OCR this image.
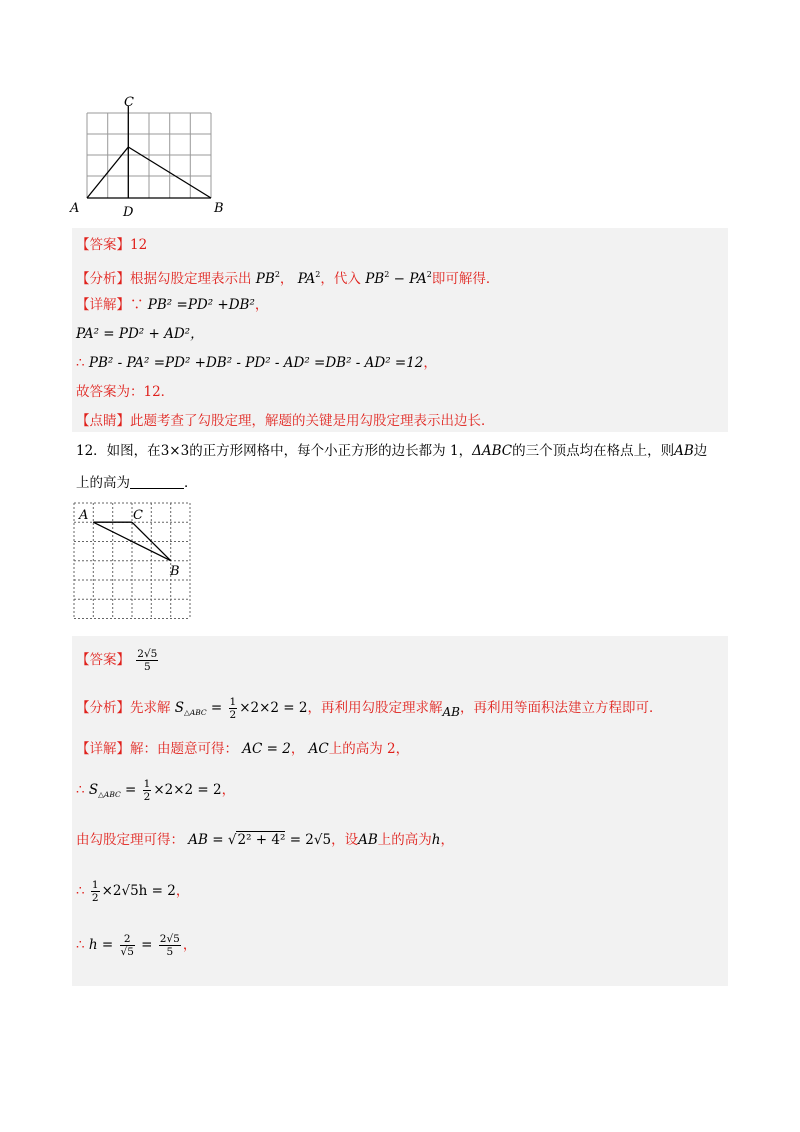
C
A	D	B
【答案】12
【分析】根据勾股定理表示出 $PB^2$， $PA^2$，代入 $PB^2 - PA^2$即可解得．
【详解】∵ PB² =PD² +DB²，
PA² = PD² + AD²，
∴ PB² - PA² =PD² +DB² - PD² - AD² =DB² - AD² =12，
故答案为：12．
【点睛】此题考查了勾股定理，解题的关键是用勾股定理表示出边长．
12．如图，在3×3的正方形网格中，每个小正方形的边长都为 1，ΔABC的三个顶点均在格点上，则AB边
上的高为	．
A	C
B
【答案】 $\frac{2√5}{5}$
【分析】先求解 $S_{\triangle ABC} = \frac{1}{2} \times 2\times 2 = 2$，再利用勾股定理求解AB，再利用等面积法建立方程即可．
【详解】解：由题意可得： AC = 2， AC上的高为 2，
∴ $S_{\triangle ABC} = \frac{1}{2} \times 2\times 2 = 2$，
由勾股定理可得： AB = √2² + 4² = 2√5，设AB上的高为h，
∴ $\frac{1}{2} \times 2√5h = 2$，
∴ $h = \frac{2}{√5} = \frac{2√5}{5}$ ，
